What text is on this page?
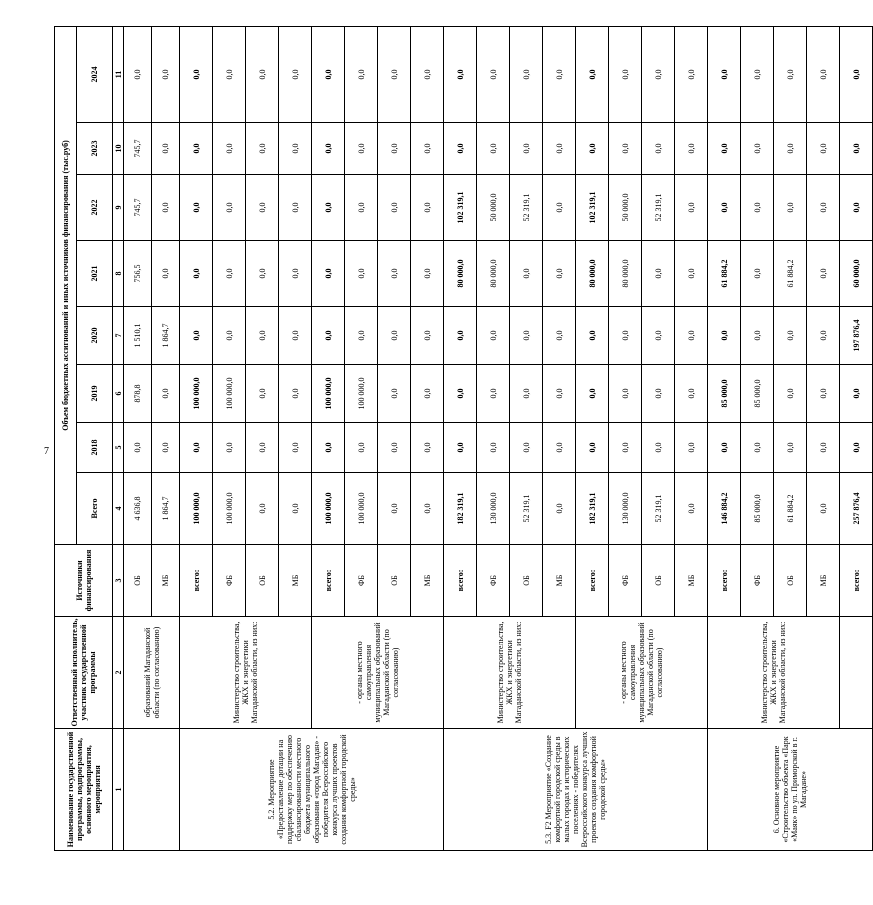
7
Наименование государственной программы, подпрограммы, основного мероприятия, мероприятия	Ответственный исполнитель, участник государственной программы	Источники финансирования	Объем бюджетных ассигнований и иных источников финансирования (тыс.руб)							
			Всего	2018	2019	2020	2021	2022	2023	2024
1	2	3	4	5	6	7	8	9	10	11
	образований Магаданской области (по согласованию)	ОБ	4 636,8	0,0	878,8	1 510,1	756,5	745,7	745,7	0,0
		МБ	1 864,7	0,0	0,0	1 864,7	0,0	0,0	0,0	0,0
5.2. Мероприятие «Предоставление дотации на поддержку мер по обеспечению сбалансированности местного бюджета муниципального образования «город Магадан» - победителя Всероссийского конкурса лучших проектов создания комфортной городской среды»	Министерство строительства, ЖКХ и энергетики Магаданской области, из них:	всего:	100 000,0	0,0	100 000,0	0,0	0,0	0,0	0,0	0,0
		ФБ	100 000,0	0,0	100 000,0	0,0	0,0	0,0	0,0	0,0
		ОБ	0,0	0,0	0,0	0,0	0,0	0,0	0,0	0,0
		МБ	0,0	0,0	0,0	0,0	0,0	0,0	0,0	0,0
	- органы местного самоуправления муниципальных образований Магаданской области (по согласованию)	всего:	100 000,0	0,0	100 000,0	0,0	0,0	0,0	0,0	0,0
		ФБ	100 000,0	0,0	100 000,0	0,0	0,0	0,0	0,0	0,0
		ОБ	0,0	0,0	0,0	0,0	0,0	0,0	0,0	0,0
		МБ	0,0	0,0	0,0	0,0	0,0	0,0	0,0	0,0
5.3. F2 Мероприятие «Создание комфортной городской среды в малых городах и исторических поселениях - победителях Всероссийского конкурса лучших проектов создания комфортной городской среды»	Министерство строительства, ЖКХ и энергетики Магаданской области, из них:	всего:	182 319,1	0,0	0,0	0,0	80 000,0	102 319,1	0,0	0,0
		ФБ	130 000,0	0,0	0,0	0,0	80 000,0	50 000,0	0,0	0,0
		ОБ	52 319,1	0,0	0,0	0,0	0,0	52 319,1	0,0	0,0
		МБ	0,0	0,0	0,0	0,0	0,0	0,0	0,0	0,0
	- органы местного самоуправления муниципальных образований Магаданской области (по согласованию)	всего:	182 319,1	0,0	0,0	0,0	80 000,0	102 319,1	0,0	0,0
		ФБ	130 000,0	0,0	0,0	0,0	80 000,0	50 000,0	0,0	0,0
		ОБ	52 319,1	0,0	0,0	0,0	0,0	52 319,1	0,0	0,0
		МБ	0,0	0,0	0,0	0,0	0,0	0,0	0,0	0,0
6. Основное мероприятие «Строительство объекта «Парк «Маяк» по ул. Приморской в г. Магадане»	Министерство строительства, ЖКХ и энергетики Магаданской области, из них:	всего:	146 884,2	0,0	85 000,0	0,0	61 884,2	0,0	0,0	0,0
		ФБ	85 000,0	0,0	85 000,0	0,0	0,0	0,0	0,0	0,0
		ОБ	61 884,2	0,0	0,0	0,0	61 884,2	0,0	0,0	0,0
		МБ	0,0	0,0	0,0	0,0	0,0	0,0	0,0	0,0
		всего:	257 876,4	0,0	0,0	197 876,4	60 000,0	0,0	0,0	0,0
